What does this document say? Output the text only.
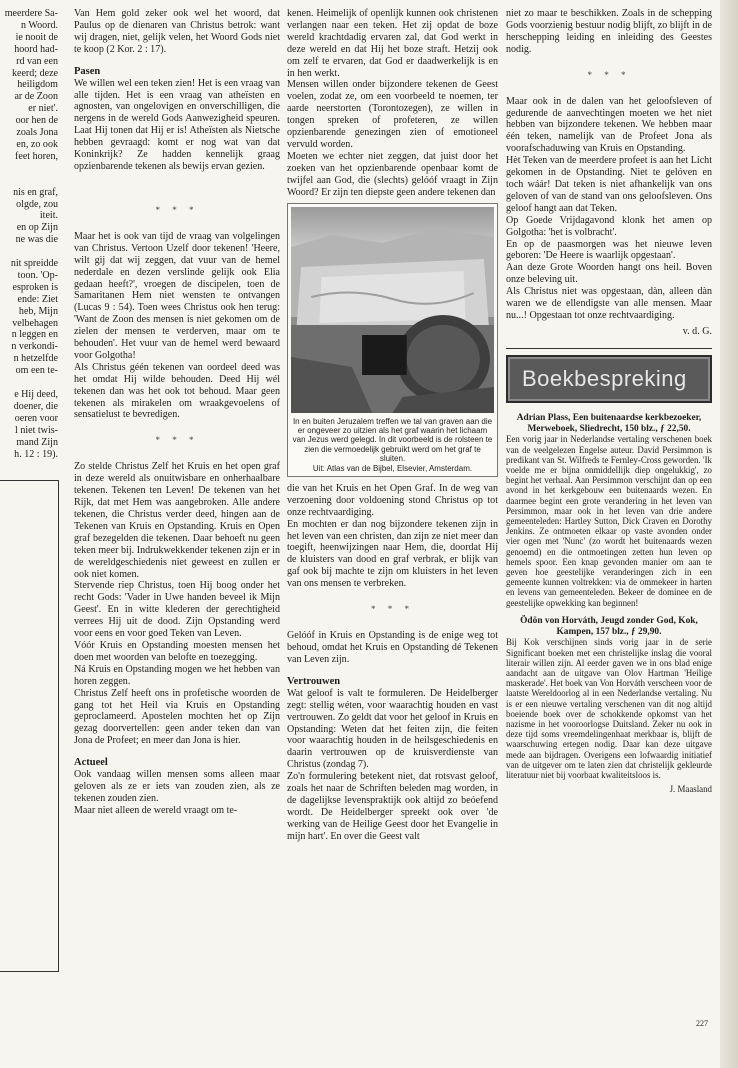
meerdere Sa-
n Woord.
ie nooit de
hoord had-
rd van een
keerd; deze
heiligdom
ar de Zoon
er niet'.
oor hen de
zoals Jona
en, zo ook
feet horen,

nis en graf,
olgde, zou
iteit.
en op Zijn
ne was die

nit spreidde
toon. 'Op-
esproken is
ende: Ziet
heb, Mijn
velbehagen
n leggen en
n verkondi-
n hetzelfde
om een te-

e Hij deed,
doener, die
oeren voor
l niet twis-
mand Zijn
h. 12 : 19).

Van Hem gold zeker ook wel het woord, dat Paulus op de dienaren van Christus betrok: want wij dragen, niet, gelijk velen, het Woord Gods niet te koop (2 Kor. 2 : 17).

Pasen

We willen wel een teken zien! Het is een vraag van alle tijden. Het is een vraag van atheïsten en agnosten, van ongelovigen en onverschilligen, die nergens in de wereld Gods Aanwezigheid speuren. Laat Hij tonen dat Hij er is! Atheïsten als Nietsche hebben gevraagd: komt er nog wat van dat Koninkrijk? Ze hadden kennelijk graag opzienbarende tekenen als bewijs ervan gezien.

* * *

Maar het is ook van tijd de vraag van volgelingen van Christus. Vertoon Uzelf door tekenen! 'Heere, wilt gij dat wij zeggen, dat vuur van de hemel nederdale en dezen verslinde gelijk ook Elia gedaan heeft?', vroegen de discipelen, toen de Samaritanen Hem niet wensten te ontvangen (Lucas 9 : 54). Toen wees Christus ook hen terug: 'Want de Zoon des mensen is niet gekomen om de zielen der mensen te verderven, maar om te behouden'. Het vuur van de hemel werd bewaard voor Golgotha!

Als Christus géén tekenen van oordeel deed was het omdat Hij wilde behouden. Deed Hij wél tekenen dan was het ook tot behoud. Maar geen tekenen als mirakelen om wraakgevoelens of sensatielust te bevredigen.

* * *

Zo stelde Christus Zelf het Kruis en het open graf in deze wereld als onuitwisbare en onherhaalbare tekenen. Tekenen ten Leven! De tekenen van het Rijk, dat met Hem was aangebroken. Alle andere tekenen, die Christus verder deed, hingen aan de Tekenen van Kruis en Opstanding. Kruis en Open graf bezegelden die tekenen. Daar behoeft nu geen teken meer bij. Indrukwekkender tekenen zijn er in de wereldgeschiedenis niet geweest en zullen er ook niet komen.

Stervende riep Christus, toen Hij boog onder het recht Gods: 'Vader in Uwe handen beveel ik Mijn Geest'. En in witte klederen der gerechtigheid verrees Hij uit de dood. Zijn Opstanding werd voor eens en voor goed Teken van Leven.

Vóór Kruis en Opstanding moesten mensen het doen met woorden van belofte en toezegging.

Ná Kruis en Opstanding mogen we het hebben van horen zeggen.

Christus Zelf heeft ons in profetische woorden de gang tot het Heil via Kruis en Opstanding geproclameerd. Apostelen mochten het op Zijn gezag doorvertellen: geen ander teken dan van Jona de Profeet; en meer dan Jona is hier.

Actueel

Ook vandaag willen mensen soms alleen maar geloven als ze er iets van zouden zien, als ze tekenen zouden zien.

Maar niet alleen de wereld vraagt om te-

kenen. Heimelijk of openlijk kunnen ook christenen verlangen naar een teken. Het zij opdat de boze wereld krachtdadig ervaren zal, dat God werkt in deze wereld en dat Hij het boze straft. Hetzij ook om zelf te ervaren, dat God er daadwerkelijk is en in hen werkt.

Mensen willen onder bijzondere tekenen de Geest voelen, zodat ze, om een voorbeeld te noemen, ter aarde neerstorten (Torontozegen), ze willen in tongen spreken of profeteren, ze willen opzienbarende genezingen zien of emotioneel vervuld worden.

Moeten we echter niet zeggen, dat juist door het zoeken van het opzienbarende openbaar komt de twijfel aan God, die (slechts) gelóóf vraagt in Zijn Woord? Er zijn ten diepste geen andere tekenen dan

In en buiten Jeruzalem treffen we tal van graven aan die er ongeveer zo uitzien als het graf waarin het lichaam van Jezus werd gelegd. In dit voorbeeld is de rolsteen te zien die vermoedelijk gebruikt werd om het graf te sluiten.
Uit: Atlas van de Bijbel, Elsevier, Amsterdam.

die van het Kruis en het Open Graf. In de weg van verzoening door voldoening stond Christus op tot onze rechtvaardiging.

En mochten er dan nog bijzondere tekenen zijn in het leven van een christen, dan zijn ze niet meer dan toegift, heenwijzingen naar Hem, die, doordat Hij de kluisters van dood en graf verbrak, er blijk van gaf ook bij machte te zijn om kluisters in het leven van ons mensen te verbreken.

* * *

Gelóóf in Kruis en Opstanding is de enige weg tot behoud, omdat het Kruis en Opstanding dé Tekenen van Leven zijn.

Vertrouwen

Wat geloof is valt te formuleren. De Heidelberger zegt: stellig wéten, voor waarachtig houden en vast vertrouwen. Zo geldt dat voor het geloof in Kruis en Opstanding: Weten dat het feiten zijn, die feiten voor waarachtig houden in de heilsgeschiedenis en daarin vertrouwen op de kruisverdienste van Christus (zondag 7).

Zo'n formulering betekent niet, dat rotsvast geloof, zoals het naar de Schriften beleden mag worden, in de dagelijkse levenspraktijk ook altijd zo beóefend wordt. De Heidelberger spreekt ook over 'de werking van de Heilige Geest door het Evangelie in mijn hart'. En over die Geest valt

niet zo maar te beschikken. Zoals in de schepping Gods voorzienig bestuur nodig blijft, zo blijft in de herschepping leiding en inleiding des Geestes nodig.

* * *

Maar ook in de dalen van het geloofsleven of gedurende de aanvechtingen moeten we het niet hebben van bijzondere tekenen. We hebben maar één teken, namelijk van de Profeet Jona als voorafschaduwing van Kruis en Opstanding.

Hèt Teken van de meerdere profeet is aan het Licht gekomen in de Opstanding. Niet te gelóven en toch wáár! Dat teken is niet afhankelijk van ons geloven of van de stand van ons geloofsleven. Ons geloof hangt aan dat Teken.

Op Goede Vrijdagavond klonk het amen op Golgotha: 'het is volbracht'.

En op de paasmorgen was het nieuwe leven geboren: 'De Heere is waarlijk opgestaan'.

Aan deze Grote Woorden hangt ons heil. Boven onze beleving uit.

Als Christus niet was opgestaan, dàn, alleen dàn waren we de ellendigste van alle mensen. Maar nu...! Opgestaan tot onze rechtvaardiging.

v. d. G.
Boekbespreking
Adrian Plass, Een buitenaardse kerkbezoeker, Merweboek, Sliedrecht, 150 blz., ƒ 22,50.

Een vorig jaar in Nederlandse vertaling verschenen boek van de veelgelezen Engelse auteur. David Persimmon is predikant van St. Wilfreds te Fernley-Cross geworden. 'Ik voelde me er bijna onmiddellijk diep ongelukkig', zo begint het verhaal. Aan Persimmon verschijnt dan op een avond in het kerkgebouw een buitenaards wezen. En daarmee begint een grote verandering in het leven van Persimmon, maar ook in het leven van drie andere gemeenteleden: Hartley Sutton, Dick Craven en Dorothy Jenkins. Ze ontmoeten elkaar op vaste avonden onder vier ogen met 'Nunc' (zo wordt het buitenaards wezen genoemd) en die ontmoetingen zetten hun leven op hemels spoor. Een knap gevonden manier om aan te geven hoe geestelijke veranderingen zich in een gemeente kunnen voltrekken: via de ommekeer in harten en levens van gemeenteleden. Bekeer de dominee en de geestelijke opwekking kan beginnen!

Ödön von Horváth, Jeugd zonder God, Kok, Kampen, 157 blz., ƒ 29,90.

Bij Kok verschijnen sinds vorig jaar in de serie Significant boeken met een christelijke inslag die vooral literair willen zijn. Al eerder gaven we in ons blad enige aandacht aan de uitgave van Olov Hartman 'Heilige maskerade'. Het boek van Von Horváth verscheen voor de laatste Wereldoorlog al in een Nederlandse vertaling. Nu is er een nieuwe vertaling verschenen van dit nog altijd boeiende boek over de schokkende opkomst van het nazisme in het vooroorlogse Duitsland. Zeker nu ook in deze tijd soms vreemdelingenhaat merkbaar is, blijft de waarschuwing ertegen nodig. Daar kan deze uitgave mede aan bijdragen. Overigens een lofwaardig initiatief van de uitgever om te laten zien dat christelijk gekleurde literatuur niet bij voorbaat kwaliteitsloos is.

J. Maasland
227
